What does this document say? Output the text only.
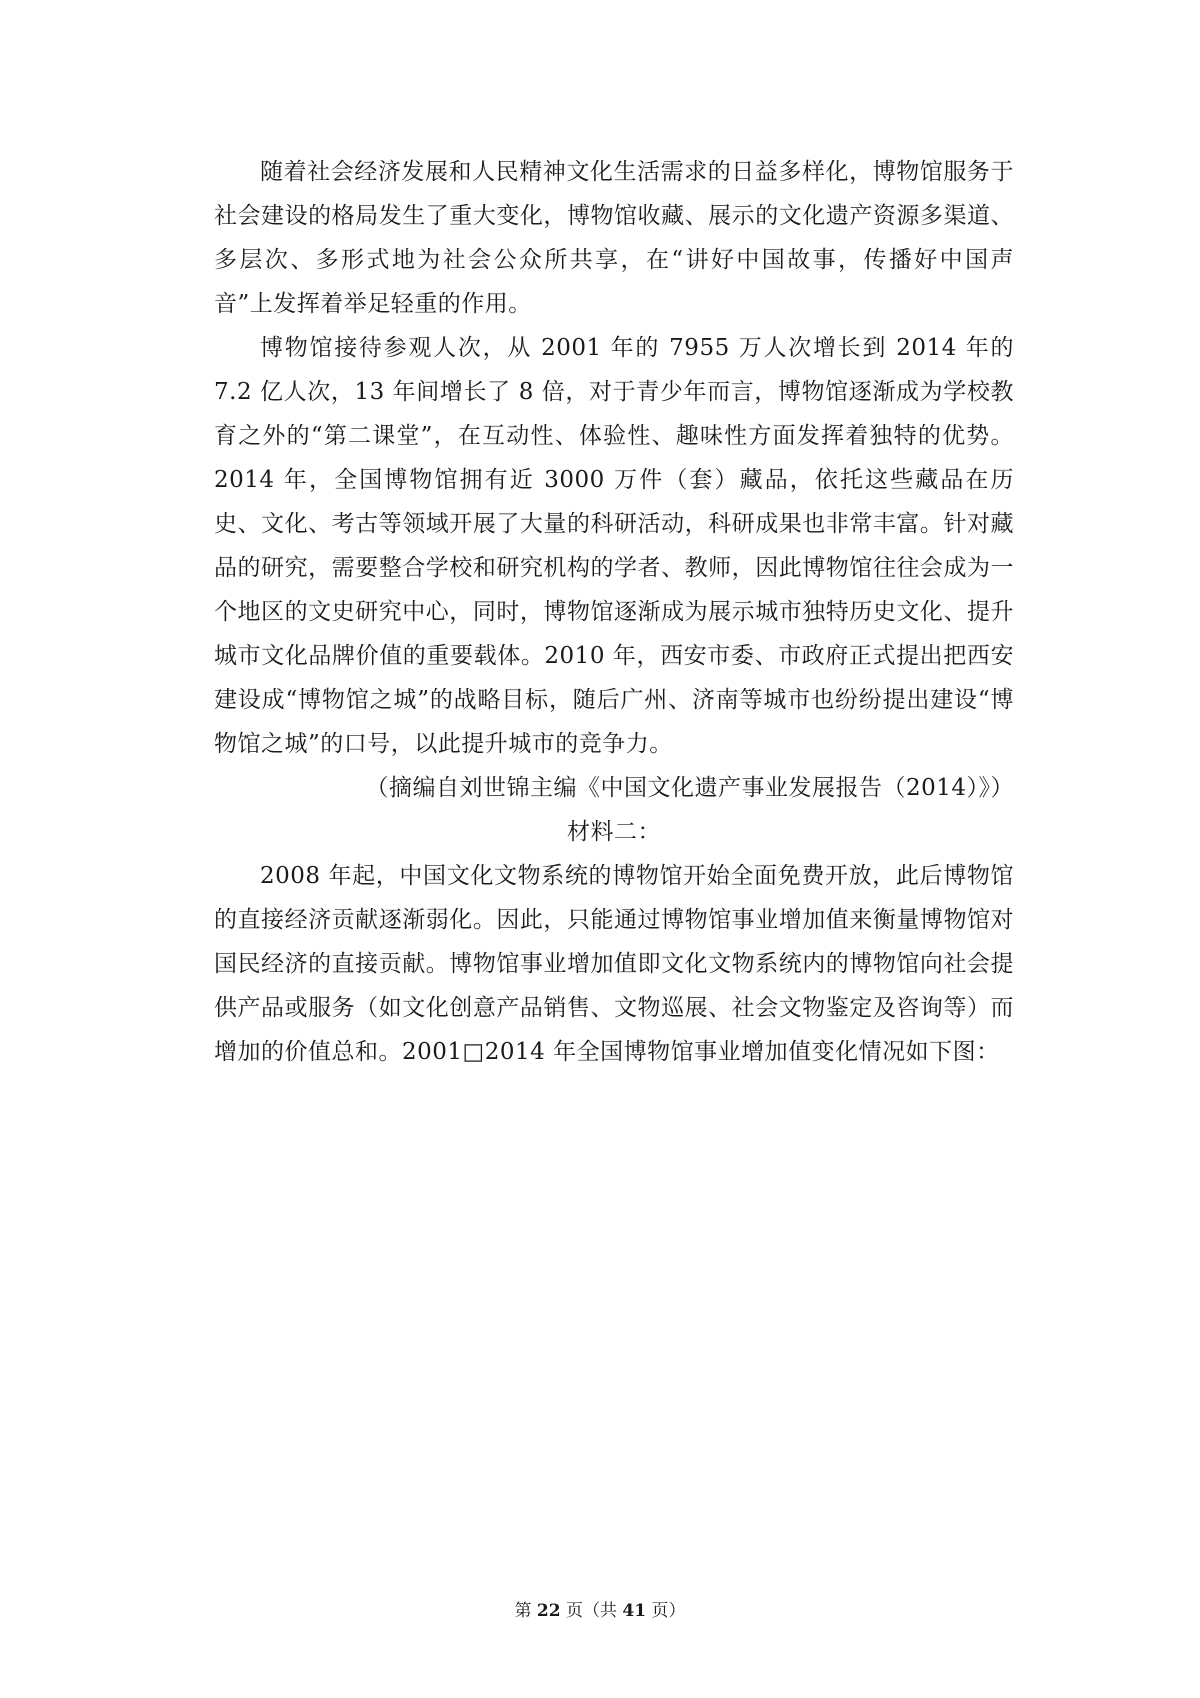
随着社会经济发展和人民精神文化生活需求的日益多样化，博物馆服务于社会建设的格局发生了重大变化，博物馆收藏、展示的文化遗产资源多渠道、多层次、多形式地为社会公众所共享，在“讲好中国故事，传播好中国声音”上发挥着举足轻重的作用。

博物馆接待参观人次，从 2001 年的 7955 万人次增长到 2014 年的 7.2 亿人次，13 年间增长了 8 倍，对于青少年而言，博物馆逐渐成为学校教育之外的“第二课堂”，在互动性、体验性、趣味性方面发挥着独特的优势。2014 年，全国博物馆拥有近 3000 万件（套）藏品，依托这些藏品在历史、文化、考古等领域开展了大量的科研活动，科研成果也非常丰富。针对藏品的研究，需要整合学校和研究机构的学者、教师，因此博物馆往往会成为一个地区的文史研究中心，同时，博物馆逐渐成为展示城市独特历史文化、提升城市文化品牌价值的重要载体。2010 年，西安市委、市政府正式提出把西安建设成“博物馆之城”的战略目标，随后广州、济南等城市也纷纷提出建设“博物馆之城”的口号，以此提升城市的竞争力。

（摘编自刘世锦主编《中国文化遗产事业发展报告（2014）》）

材料二：

2008 年起，中国文化文物系统的博物馆开始全面免费开放，此后博物馆的直接经济贡献逐渐弱化。因此，只能通过博物馆事业增加值来衡量博物馆对国民经济的直接贡献。博物馆事业增加值即文化文物系统内的博物馆向社会提供产品或服务（如文化创意产品销售、文物巡展、社会文物鉴定及咨询等）而增加的价值总和。2001□2014 年全国博物馆事业增加值变化情况如下图：

第 22 页（共 41 页）
